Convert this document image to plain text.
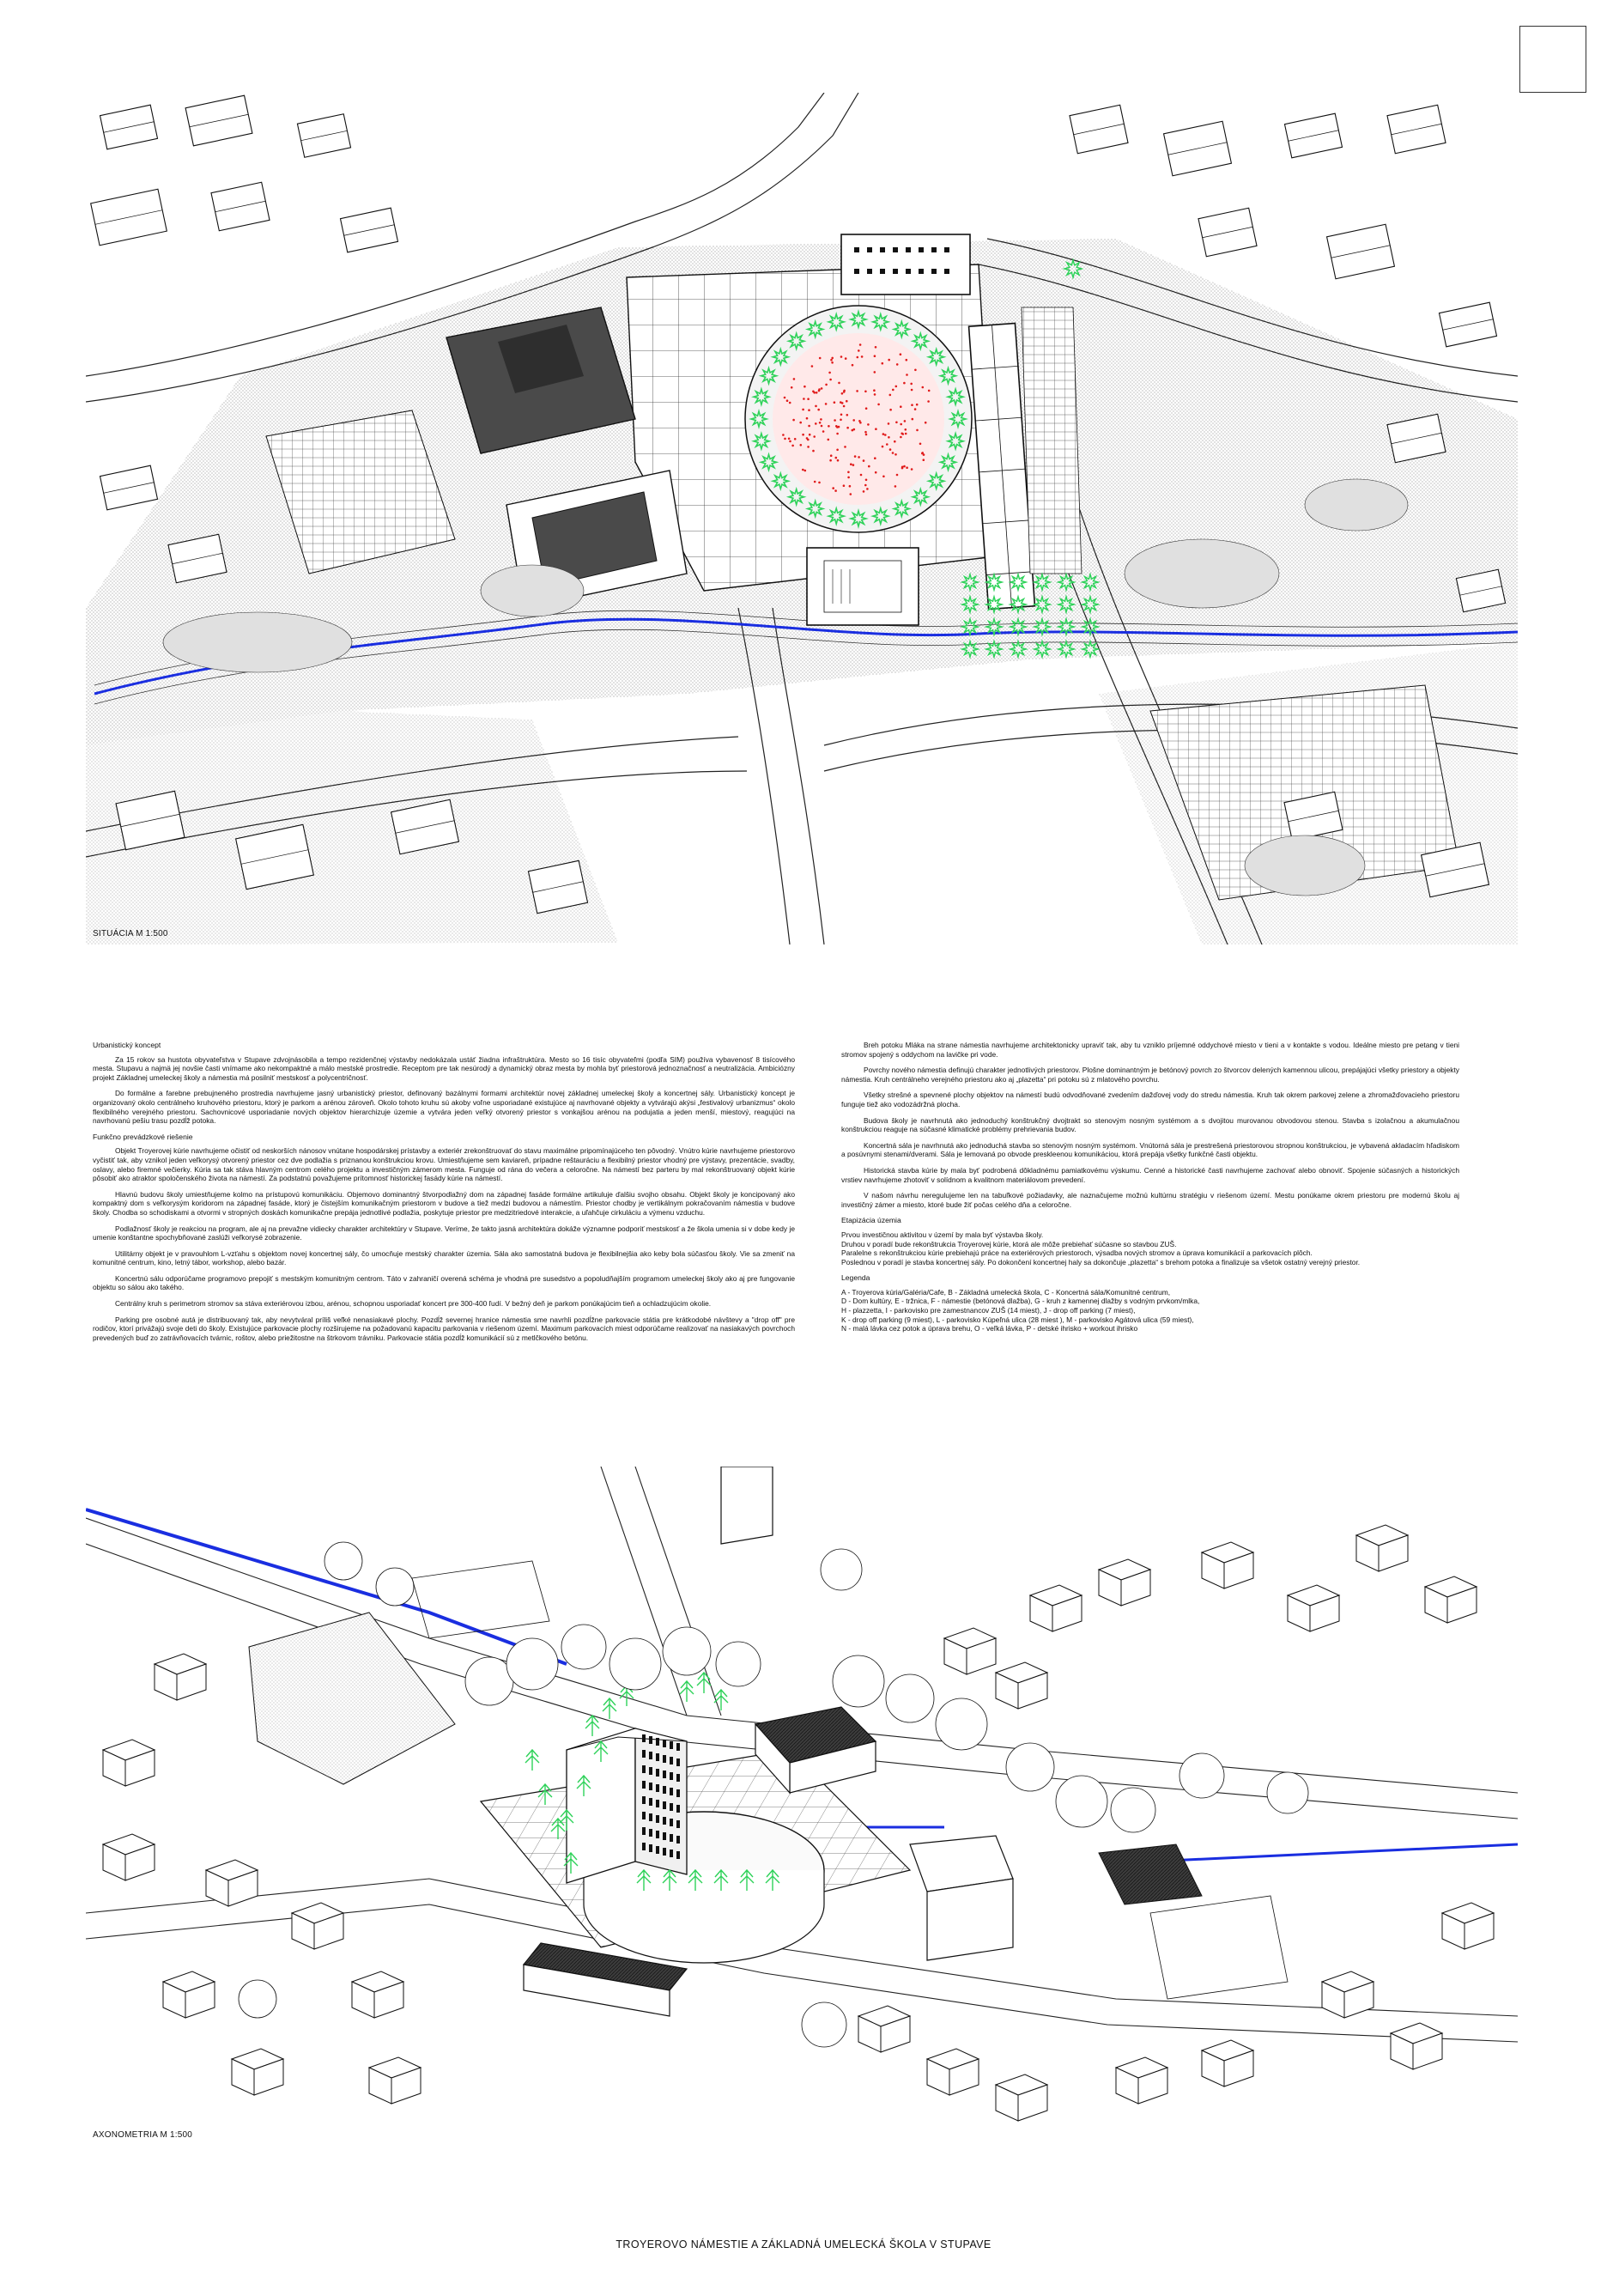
SITUÁCIA M 1:500
Urbanistický koncept

Za 15 rokov sa hustota obyvateľstva v Stupave zdvojnásobila a tempo rezidenčnej výstavby nedokázala ustáť žiadna infraštruktúra. Mesto so 16 tisíc obyvateľmi (podľa SIM) používa vybavenosť 8 tisícového mesta. Stupavu a najmä jej novšie časti vnímame ako nekompaktné a málo mestské prostredie. Receptom pre tak nesúrodý a dynamický obraz mesta by mohla byť priestorová jednoznačnosť a neutralizácia. Ambiciózny projekt Základnej umeleckej školy a námestia má posilniť mestskosť a polycentričnosť.

Do formálne a farebne prebujneného prostredia navrhujeme jasný urbanistický priestor, definovaný bazálnymi formami architektúr novej základnej umeleckej školy a koncertnej sály. Urbanistický koncept je organizovaný okolo centrálneho kruhového priestoru, ktorý je parkom a arénou zároveň. Okolo tohoto kruhu sú akoby voľne usporiadané existujúce aj navrhované objekty a vytvárajú akýsi „festivalový urbanizmus“ okolo flexibilného verejného priestoru. Sachovnicové usporiadanie nových objektov hierarchizuje územie a vytvára jeden veľký otvorený priestor s vonkajšou arénou na podujatia a jeden menší, miestový, reagujúci na navrhovanú pešiu trasu pozdĺž potoka.

Funkčno prevádzkové riešenie

Objekt Troyerovej kúrie navrhujeme očistiť od neskorších nánosov vnútane hospodárskej prístavby a exteriér zrekonštruovať do stavu maximálne pripomínajúceho ten pôvodný. Vnútro kúrie navrhujeme priestorovo vyčistiť tak, aby vznikol jeden veľkorysý otvorený priestor cez dve podlažia s priznanou konštrukciou krovu. Umiestňujeme sem kaviareň, prípadne reštauráciu a flexibilný priestor vhodný pre výstavy, prezentácie, svadby, oslavy, alebo firemné večierky. Kúria sa tak stáva hlavným centrom celého projektu a investičným zámerom mesta. Funguje od rána do večera a celoročne. Na námestí bez parteru by mal rekonštruovaný objekt kúrie pôsobiť ako atraktor spoločenského života na námestí. Za podstatnú považujeme prítomnosť historickej fasády kúrie na námestí.

Hlavnú budovu školy umiestňujeme kolmo na prístupovú komunikáciu. Objemovo dominantný štvorpodlažný dom na západnej fasáde formálne artikuluje ďalšiu svojho obsahu. Objekt školy je koncipovaný ako kompaktný dom s veľkorysým koridorom na západnej fasáde, ktorý je čistejším komunikačným priestorom v budove a tiež medzi budovou a námestím. Priestor chodby je vertikálnym pokračovaním námestia v budove školy. Chodba so schodiskami a otvormi v stropných doskách komunikačne prepája jednotlivé podlažia, poskytuje priestor pre medzitriedové interakcie, a uľahčuje cirkuláciu a výmenu vzduchu.

Podlažnosť školy je reakciou na program, ale aj na prevažne vidiecky charakter architektúry v Stupave. Veríme, že takto jasná architektúra dokáže významne podporiť mestskosť a že škola umenia si v dobe kedy je umenie konštantne spochybňované zaslúži veľkorysé zobrazenie.

Utilitárny objekt je v pravouhlom L-vzťahu s objektom novej koncertnej sály, čo umocňuje mestský charakter územia. Sála ako samostatná budova je flexibilnejšia ako keby bola súčasťou školy. Vie sa zmeniť na komunitné centrum, kino, letný tábor, workshop, alebo bazár.

Koncertnú sálu odporúčame programovo prepojiť s mestským komunitným centrom. Táto v zahraničí overená schéma je vhodná pre susedstvo a popoludňajším programom umeleckej školy ako aj pre fungovanie objektu so sálou ako takého.

Centrálny kruh s perimetrom stromov sa stáva exteriérovou izbou, arénou, schopnou usporiadať koncert pre 300-400 ľudí. V bežný deň je parkom ponúkajúcim tieň a ochladzujúcim okolie.

Parking pre osobné autá je distribuovaný tak, aby nevytváral príliš veľké nenasiakavé plochy. Pozdĺž severnej hranice námestia sme navrhli pozdĺžne parkovacie státia pre krátkodobé návštevy a "drop off" pre rodičov, ktorí privážajú svoje deti do školy. Existujúce parkovacie plochy rozširujeme na požadovanú kapacitu parkovania v riešenom území. Maximum parkovacích miest odporúčame realizovať na nasiakavých povrchoch prevedených buď zo zatrávňovacích tvárnic, roštov, alebo priežitostne na štrkovom trávniku. Parkovacie státia pozdĺž komunikácií sú z metlčkového betónu.

Breh potoku Mláka na strane námestia navrhujeme architektonicky upraviť tak, aby tu vzniklo príjemné oddychové miesto v tieni a v kontakte s vodou. Ideálne miesto pre petang v tieni stromov spojený s oddychom na lavičke pri vode.

Povrchy nového námestia definujú charakter jednotlivých priestorov. Plošne dominantným je betónový povrch zo štvorcov delených kamennou ulicou, prepájajúci všetky priestory a objekty námestia. Kruh centrálneho verejného priestoru ako aj „plazetta“ pri potoku sú z mlatového povrchu.

Všetky strešné a spevnené plochy objektov na námestí budú odvodňované zvedením dažďovej vody do stredu námestia. Kruh tak okrem parkovej zelene a zhromažďovacieho priestoru funguje tiež ako vodozádržná plocha.

Budova školy je navrhnutá ako jednoduchý konštrukčný dvojtrakt so stenovým nosným systémom a s dvojitou murovanou obvodovou stenou. Stavba s izolačnou a akumulačnou konštrukciou reaguje na súčasné klimatické problémy prehrievania budov.

Koncertná sála je navrhnutá ako jednoduchá stavba so stenovým nosným systémom. Vnútorná sála je prestrešená priestorovou stropnou konštrukciou, je vybavená akladacím hľadiskom a posúvnymi stenami/dverami. Sála je lemovaná po obvode preskleenou komunikáciou, ktorá prepája všetky funkčné časti objektu.

Historická stavba kúrie by mala byť podrobená dôkladnému pamiatkovému výskumu. Cenné a historické časti navrhujeme zachovať alebo obnoviť. Spojenie súčasných a historických vrstiev navrhujeme zhotoviť v solídnom a kvalitnom materiálovom prevedení.

V našom návrhu neregulujeme len na tabuľkové požiadavky, ale naznačujeme možnú kultúrnu stratégiu v riešenom území. Mestu ponúkame okrem priestoru pre modernú školu aj investičný zámer a miesto, ktoré bude žiť počas celého dňa a celoročne.

Etapizácia územia

Prvou investičnou aktivitou v území by mala byť výstavba školy.

Druhou v poradí bude rekonštrukcia Troyerovej kúrie, ktorá ale môže prebiehať súčasne so stavbou ZUŠ.

Paralelne s rekonštrukciou kúrie prebiehajú práce na exteriérových priestoroch, výsadba nových stromov a úprava komunikácií a parkovacích plôch.

Poslednou v poradí je stavba koncertnej sály. Po dokončení koncertnej haly sa dokončuje „plazetta“ s brehom potoka a finalizuje sa všetok ostatný verejný priestor.

Legenda
A - Troyerova kúria/Galéria/Cafe, B - Základná umelecká škola, C - Koncertná sála/Komunitné centrum,
D - Dom kultúry, E - tržnica, F - námestie (betónová dlažba), G - kruh z kamennej dlažby s vodným prvkom/mlka,
H - plazzetta, I - parkovisko pre zamestnancov ZUŠ (14 miest), J - drop off parking (7 miest),
K - drop off parking (9 miest), L - parkovisko Kúpeľná ulica (28 miest ), M - parkovisko Agátová ulica (59 miest),
N - malá lávka cez potok a úprava brehu, O - veľká lávka, P - detské ihrisko + workout ihrisko
AXONOMETRIA M 1:500
TROYEROVO NÁMESTIE A ZÁKLADNÁ UMELECKÁ ŠKOLA V STUPAVE
